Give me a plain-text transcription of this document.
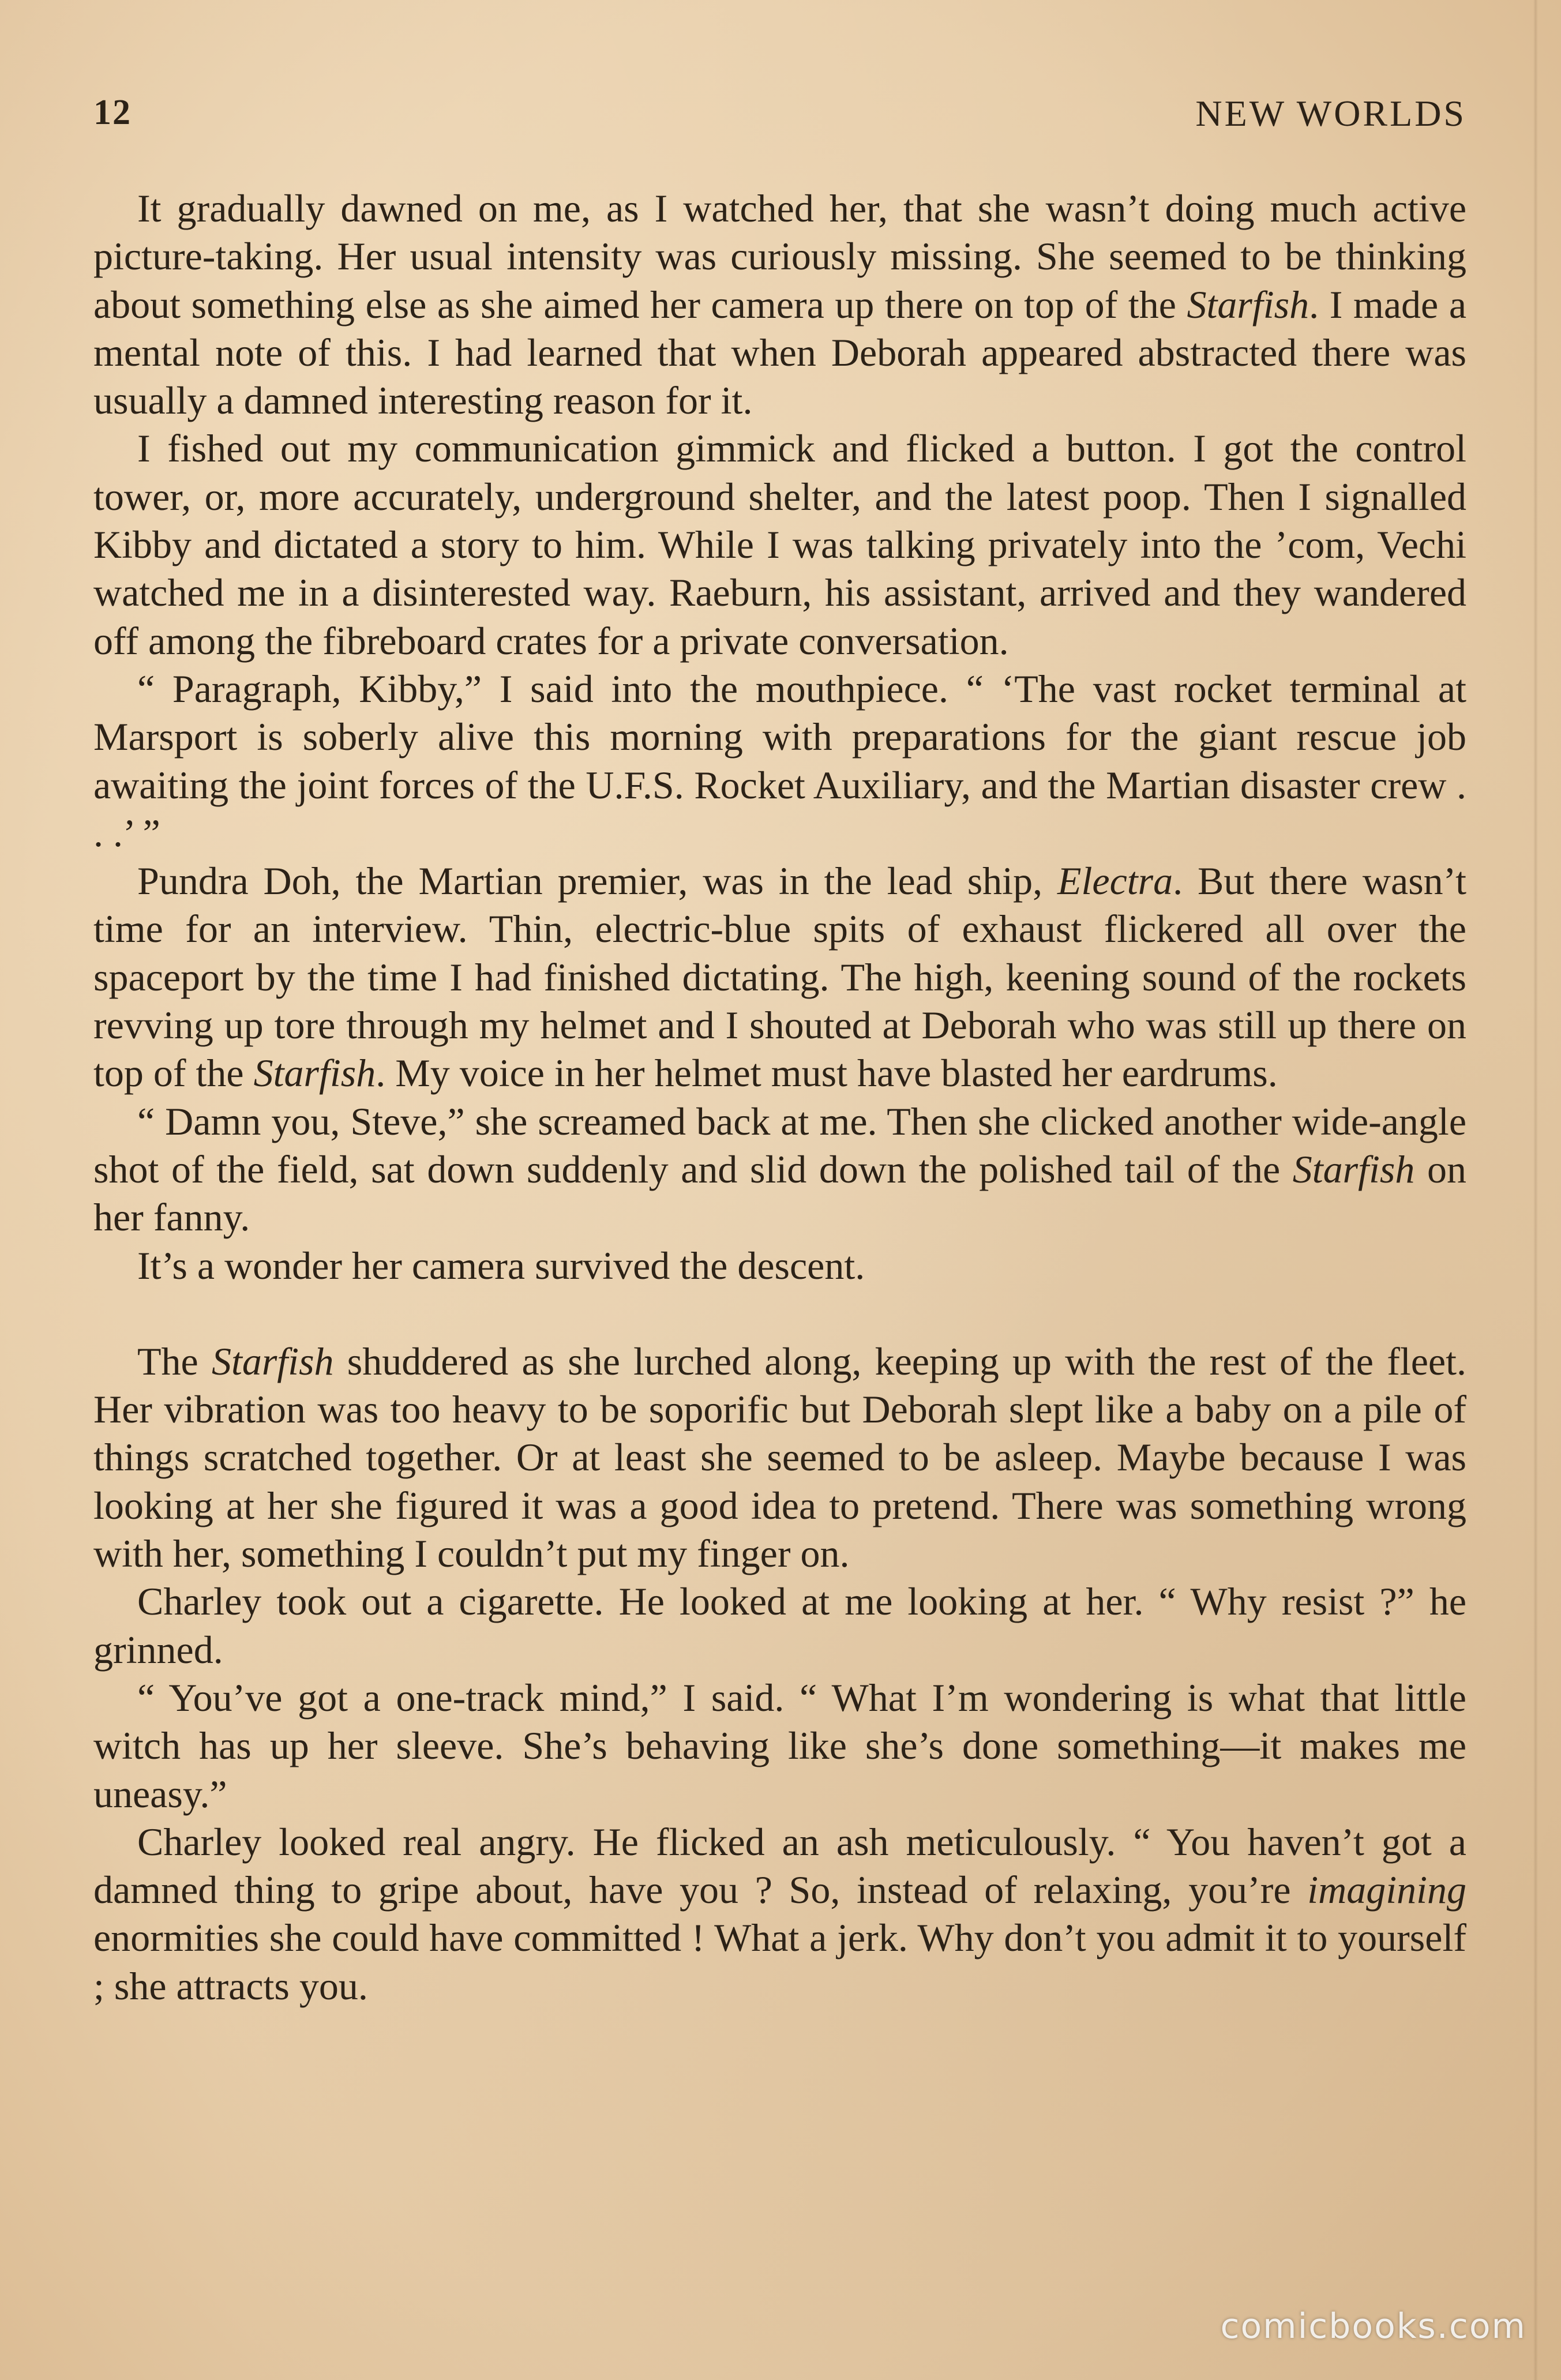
12	NEW WORLDS

It gradually dawned on me, as I watched her, that she wasn’t doing much active picture-taking. Her usual intensity was curiously missing. She seemed to be thinking about something else as she aimed her camera up there on top of the Starfish. I made a mental note of this. I had learned that when Deborah appeared abstracted there was usually a damned interesting reason for it.

I fished out my communication gimmick and flicked a button. I got the control tower, or, more accurately, underground shelter, and the latest poop. Then I signalled Kibby and dictated a story to him. While I was talking privately into the ’com, Vechi watched me in a disinterested way. Raeburn, his assistant, arrived and they wandered off among the fibreboard crates for a private conversation.

“ Paragraph, Kibby,” I said into the mouthpiece. “ ‘The vast rocket terminal at Marsport is soberly alive this morning with preparations for the giant rescue job awaiting the joint forces of the U.F.S. Rocket Auxiliary, and the Martian disaster crew . . .’ ”

Pundra Doh, the Martian premier, was in the lead ship, Electra. But there wasn’t time for an interview. Thin, electric-blue spits of exhaust flickered all over the spaceport by the time I had finished dictating. The high, keening sound of the rockets revving up tore through my helmet and I shouted at Deborah who was still up there on top of the Starfish. My voice in her helmet must have blasted her eardrums.

“ Damn you, Steve,” she screamed back at me. Then she clicked another wide-angle shot of the field, sat down suddenly and slid down the polished tail of the Starfish on her fanny.

It’s a wonder her camera survived the descent.

The Starfish shuddered as she lurched along, keeping up with the rest of the fleet. Her vibration was too heavy to be soporific but Deborah slept like a baby on a pile of things scratched together. Or at least she seemed to be asleep. Maybe because I was looking at her she figured it was a good idea to pretend. There was something wrong with her, something I couldn’t put my finger on.

Charley took out a cigarette. He looked at me looking at her. “ Why resist ?” he grinned.

“ You’ve got a one-track mind,” I said. “ What I’m wondering is what that little witch has up her sleeve. She’s behaving like she’s done something—it makes me uneasy.”

Charley looked real angry. He flicked an ash meticulously. “ You haven’t got a damned thing to gripe about, have you ? So, instead of relaxing, you’re imagining enormities she could have committed ! What a jerk. Why don’t you admit it to yourself ; she attracts you.

comicbooks.com
